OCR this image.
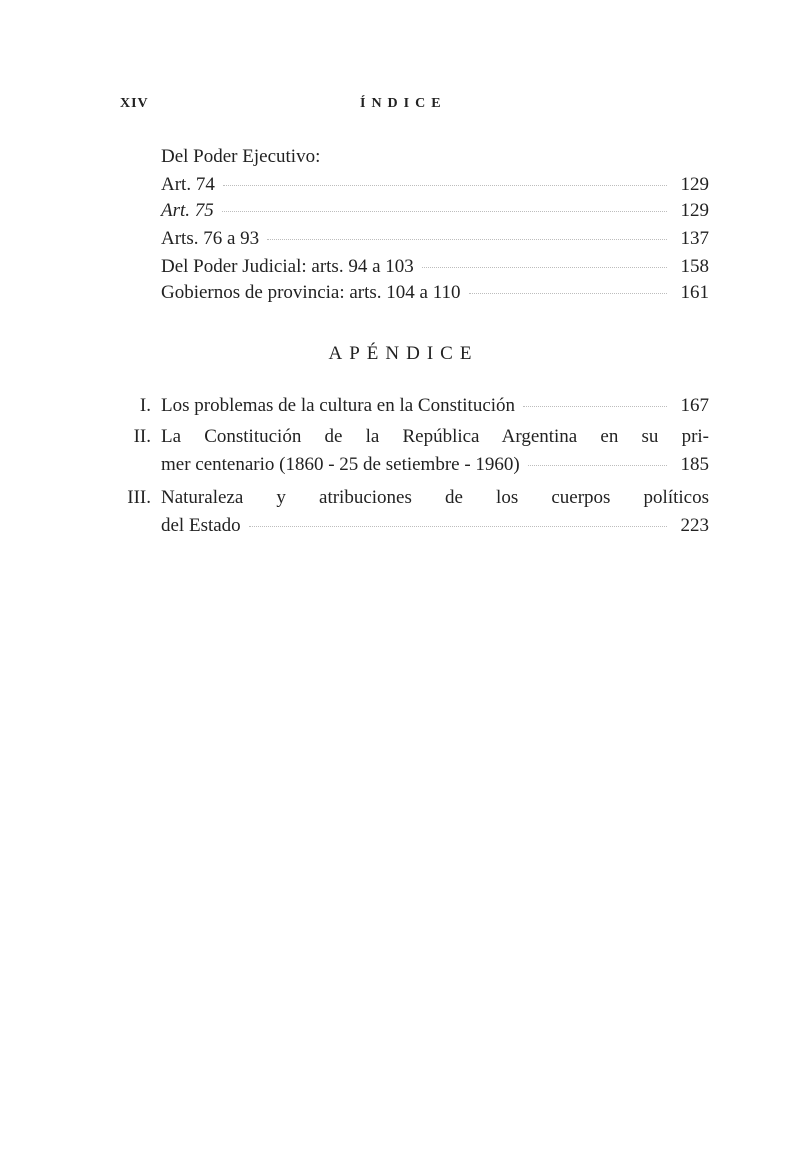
XIV	ÍNDICE
Del Poder Ejecutivo:
Art. 74	129
Art. 75	129
Arts. 76 a 93	137
Del Poder Judicial: arts. 94 a 103	158
Gobiernos de provincia: arts. 104 a 110	161
APÉNDICE
I. Los problemas de la cultura en la Constitución	167
II. La Constitución de la República Argentina en su pri-
mer centenario (1860 - 25 de setiembre - 1960)	185
III. Naturaleza y atribuciones de los cuerpos políticos
del Estado	223
